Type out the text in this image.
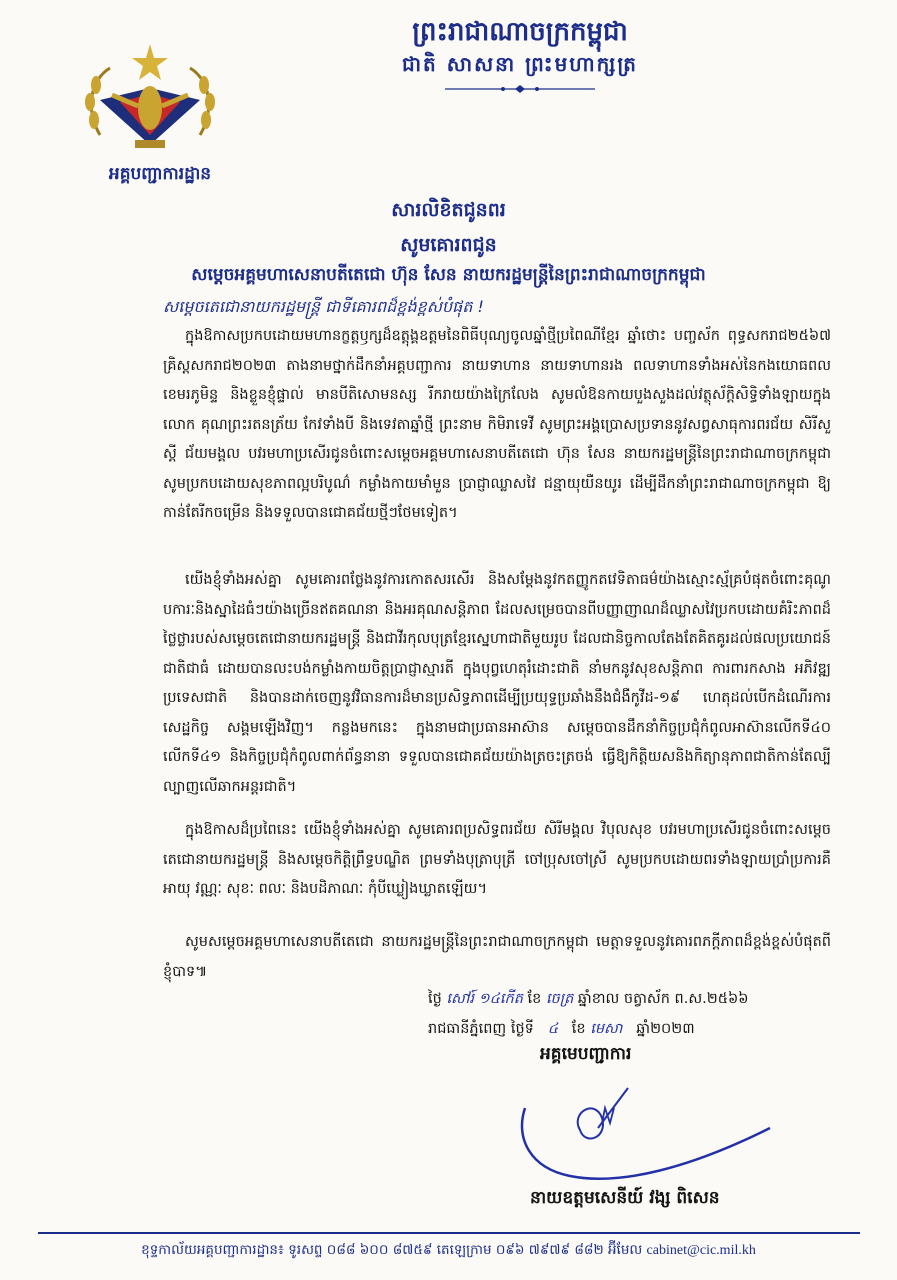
អគ្គបញ្ជាការដ្ឋាន
ព្រះរាជាណាចក្រកម្ពុជា
ជាតិ សាសនា ព្រះមហាក្សត្រ
សារលិខិតជូនពរ
សូមគោរពជូន
សម្តេចអគ្គមហាសេនាបតីតេជោ ហ៊ុន សែន នាយករដ្ឋមន្ត្រីនៃព្រះរាជាណាចក្រកម្ពុជា
សម្តេចតេជោនាយករដ្ឋមន្ត្រី ជាទីគោរពដ៏ខ្ពង់ខ្ពស់បំផុត !

ក្នុងឱកាសប្រកបដោយមហានក្ខត្តឫក្សដ៏ឧត្តុង្គឧត្តមនៃពិធីបុណ្យចូលឆ្នាំថ្មីប្រពៃណីខ្មែរ ឆ្នាំថោះ បញ្ចស័ក ពុទ្ធសករាជ២៥៦៧ គ្រិស្តសករាជ២០២៣ តាងនាមថ្នាក់ដឹកនាំអគ្គបញ្ជាការ នាយទាហាន នាយទាហានរង ពលទាហានទាំងអស់នៃកងយោធពលខេមរភូមិន្ទ និងខ្លួនខ្ញុំផ្ទាល់ មានបីតិសោមនស្ស រីករាយយ៉ាងក្រៃលែង សូមលំឱនកាយបួងសួងដល់វត្ថុស័ក្តិសិទ្ធិទាំងឡាយក្នុងលោក គុណព្រះរតនត្រ័យ កែវទាំងបី និងទេវតាឆ្នាំថ្មី ព្រះនាម កិមិរាទេវី សូមព្រះអង្គប្រោសប្រទាននូវសព្វសាធុការពរជ័យ សិរីសួស្តី ជ័យមង្គល បវរមហាប្រសើរជូនចំពោះសម្តេចអគ្គមហាសេនាបតីតេជោ ហ៊ុន សែន នាយករដ្ឋមន្ត្រីនៃព្រះរាជាណាចក្រកម្ពុជា សូមប្រកបដោយសុខភាពល្អបរិបូណ៌ កម្លាំងកាយមាំមួន ប្រាជ្ញាឈ្លាសវៃ ជន្មាយុយឺនយូរ ដើម្បីដឹកនាំព្រះរាជាណាចក្រកម្ពុជា ឱ្យកាន់តែរីកចម្រើន និងទទួលបានជោគជ័យថ្មីៗថែមទៀត។

យើងខ្ញុំទាំងអស់គ្នា សូមគោរពថ្លែងនូវការកោតសរសើរ និងសម្តែងនូវកតញ្ញូកតវេទិតាធម៌យ៉ាងស្មោះស្ម័គ្របំផុតចំពោះគុណូបការៈនិងស្នាដៃធំៗយ៉ាងច្រើនឥតគណនា និងអរគុណសន្តិភាព ដែលសម្រេចបានពីបញ្ញាញាណដ៏ឈ្លាសវៃប្រកបដោយគំរិះភាពដ៏ថ្លៃថ្លារបស់សម្តេចតេជោនាយករដ្ឋមន្ត្រី និងជាវីរកុលបុត្រខ្មែរស្នេហាជាតិមួយរូប ដែលជានិច្ចកាលតែងតែគិតគូរដល់ផលប្រយោជន៍ជាតិជាធំ ដោយបានលះបង់កម្លាំងកាយចិត្តប្រាជ្ញាស្មារតី ក្នុងបុព្វហេតុរំដោះជាតិ នាំមកនូវសុខសន្តិភាព ការពារកសាង អភិវឌ្ឍប្រទេសជាតិ និងបានដាក់ចេញនូវវិធានការដ៏មានប្រសិទ្ធភាពដើម្បីប្រយុទ្ធប្រឆាំងនឹងជំងឺកូវីដ-១៩ ហេតុដល់បើកដំណើរការសេដ្ឋកិច្ច សង្គមឡើងវិញ។ កន្លងមកនេះ ក្នុងនាមជាប្រធានអាស៊ាន សម្តេចបានដឹកនាំកិច្ចប្រជុំកំពូលអាស៊ានលើកទី៤០ លើកទី៤១ និងកិច្ចប្រជុំកំពូលពាក់ព័ន្ធនានា ទទួលបានជោគជ័យយ៉ាងត្រចះត្រចង់ ធ្វើឱ្យកិត្តិយសនិងកិត្យានុភាពជាតិកាន់តែល្បីល្បាញលើឆាកអន្តរជាតិ។

ក្នុងឱកាសដ៏ប្រពៃនេះ យើងខ្ញុំទាំងអស់គ្នា សូមគោរពប្រសិទ្ធពរជ័យ សិរីមង្គល វិបុលសុខ បវរមហាប្រសើរជូនចំពោះសម្តេចតេជោនាយករដ្ឋមន្ត្រី និងសម្តេចកិត្តិព្រឹទ្ធបណ្ឌិត ព្រមទាំងបុត្រាបុត្រី ចៅប្រុសចៅស្រី សូមប្រកបដោយពរទាំងឡាយប្រាំប្រការគឺ អាយុ វណ្ណៈ សុខៈ ពលៈ និងបដិភាណៈ កុំបីឃ្លៀងឃ្លាតឡើយ។

សូមសម្តេចអគ្គមហាសេនាបតីតេជោ នាយករដ្ឋមន្ត្រីនៃព្រះរាជាណាចក្រកម្ពុជា មេត្តាទទួលនូវគោរពភក្តីភាពដ៏ខ្ពង់ខ្ពស់បំផុតពីខ្ញុំបាទ៕

ថ្ងៃ សៅរ៍ ១៤កើត ខែ ចេត្រ ឆ្នាំខាល ចត្វាស័ក ព.ស.២៥៦៦
រាជធានីភ្នំពេញ ថ្ងៃទី ៤ ខែ មេសា ឆ្នាំ២០២៣
អគ្គមេបញ្ជាការ
នាយឧត្តមសេនីយ៍ វង្ស ពិសេន
ខុទ្ទកាល័យអគ្គបញ្ជាការដ្ឋាន៖ ទូរសព្ទ ០៨៨ ៦០០ ៨៧៥៩ តេឡេក្រាម ០៩៦ ៧៩៧៩ ៨៨២ អ៊ីមែល cabinet@cic.mil.kh
